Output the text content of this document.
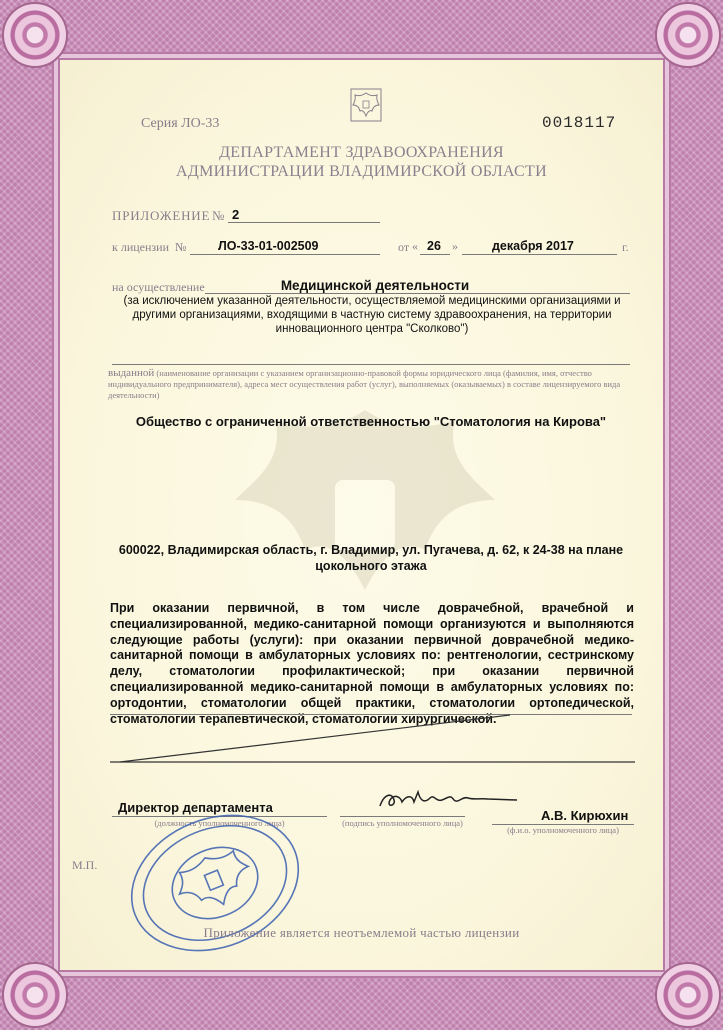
Серия ЛО-33	0018117
ДЕПАРТАМЕНТ ЗДРАВООХРАНЕНИЯ
АДМИНИСТРАЦИИ ВЛАДИМИРСКОЙ ОБЛАСТИ
ПРИЛОЖЕНИЕ № 2
к лицензии №	ЛО-33-01-002509	от « 26 »	декабря 2017	г.
на осуществление	Медицинской деятельности
(за исключением указанной деятельности, осуществляемой медицинскими организациями и другими организациями, входящими в частную систему здравоохранения, на территории инновационного центра "Сколково")
выданной (наименование организации с указанием организационно-правовой формы юридического лица (фамилия, имя, отчество индивидуального предпринимателя), адреса мест осуществления работ (услуг), выполняемых (оказываемых) в составе лицензируемого вида деятельности)
Общество с ограниченной ответственностью "Стоматология на Кирова"
600022, Владимирская область, г. Владимир, ул. Пугачева, д. 62, к 24-38 на плане цокольного этажа
При оказании первичной, в том числе доврачебной, врачебной и специализированной, медико-санитарной помощи организуются и выполняются следующие работы (услуги): при оказании первичной доврачебной медико-санитарной помощи в амбулаторных условиях по: рентгенологии, сестринскому делу, стоматологии профилактической; при оказании первичной специализированной медико-санитарной помощи в амбулаторных условиях по: ортодонтии, стоматологии общей практики, стоматологии ортопедической, стоматологии терапевтической, стоматологии хирургической.
Директор департамента
(должность уполномоченного лица)	(подпись уполномоченного лица)	А.В. Кирюхин
(ф.и.о. уполномоченного лица)
М.П.
Приложение является неотъемлемой частью лицензии
